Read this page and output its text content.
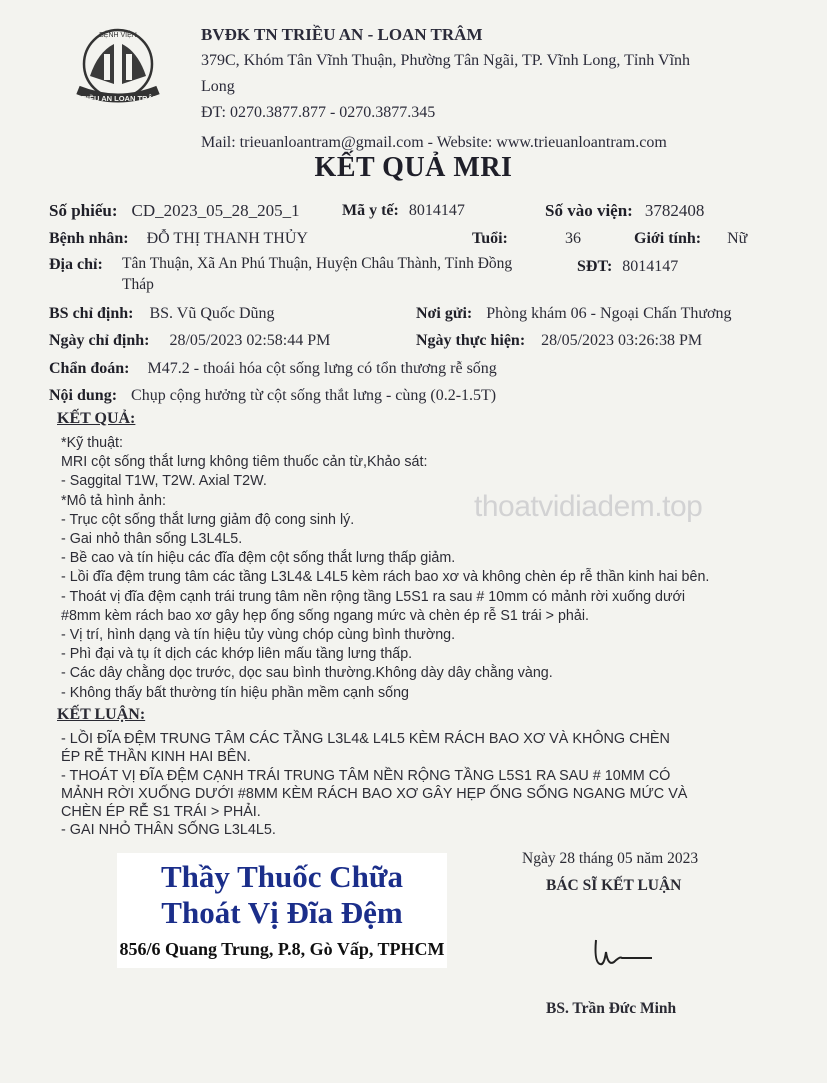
BỆNH VIỆN
TRIỀU AN LOAN TRÂM
BVĐK TN TRIỀU AN - LOAN TRÂM
379C, Khóm Tân Vĩnh Thuận, Phường Tân Ngãi, TP. Vĩnh Long, Tỉnh Vĩnh
Long
ĐT: 0270.3877.877 - 0270.3877.345
Mail: trieuanloantram@gmail.com - Website: www.trieuanloantram.com
KẾT QUẢ MRI
Số phiếu: CD_2023_05_28_205_1	Mã y tế: 8014147	Số vào viện: 3782408
Bệnh nhân: ĐỖ THỊ THANH THỦY	Tuổi:	36	Giới tính: Nữ
Địa chỉ: Tân Thuận, Xã An Phú Thuận, Huyện Châu Thành, Tỉnh Đồng
Tháp
SĐT: 8014147
BS chỉ định: BS. Vũ Quốc Dũng	Nơi gửi: Phòng khám 06 - Ngoại Chấn Thương
Ngày chỉ định: 28/05/2023 02:58:44 PM	Ngày thực hiện: 28/05/2023 03:26:38 PM
Chẩn đoán: M47.2 - thoái hóa cột sống lưng có tổn thương rễ sống
Nội dung: Chụp cộng hưởng từ cột sống thắt lưng - cùng (0.2-1.5T)
KẾT QUẢ:
*Kỹ thuật:
MRI cột sống thắt lưng không tiêm thuốc cản từ,Khảo sát:
- Saggital T1W, T2W. Axial T2W.
*Mô tả hình ảnh:
- Trục cột sống thắt lưng giảm độ cong sinh lý.
- Gai nhỏ thân sống L3L4L5.
- Bề cao và tín hiệu các đĩa đệm cột sống thắt lưng thấp giảm.
- Lồi đĩa đệm trung tâm các tầng L3L4& L4L5 kèm rách bao xơ và không chèn ép rễ thần kinh hai bên.
- Thoát vị đĩa đệm cạnh trái trung tâm nền rộng tầng L5S1 ra sau # 10mm có mảnh rời xuống dưới
#8mm kèm rách bao xơ gây hẹp ống sống ngang mức và chèn ép rễ S1 trái > phải.
- Vị trí, hình dạng và tín hiệu tủy vùng chóp cùng bình thường.
- Phì đại và tụ ít dịch các khớp liên mấu tầng lưng thấp.
- Các dây chằng dọc trước, dọc sau bình thường.Không dày dây chằng vàng.
- Không thấy bất thường tín hiệu phần mềm cạnh sống
thoatvidiadem.top
KẾT LUẬN:
- LỒI ĐĨA ĐỆM TRUNG TÂM CÁC TẦNG L3L4& L4L5 KÈM RÁCH BAO XƠ VÀ KHÔNG CHÈN
ÉP RỄ THẦN KINH HAI BÊN.
- THOÁT VỊ ĐĨA ĐỆM CẠNH TRÁI TRUNG TÂM NỀN RỘNG TẦNG L5S1 RA SAU # 10MM CÓ
MẢNH RỜI XUỐNG DƯỚI #8MM KÈM RÁCH BAO XƠ GÂY HẸP ỐNG SỐNG NGANG MỨC VÀ
CHÈN ÉP RỄ S1 TRÁI > PHẢI.
- GAI NHỎ THÂN SỐNG L3L4L5.
Thầy Thuốc Chữa
Thoát Vị Đĩa Đệm
856/6 Quang Trung, P.8, Gò Vấp, TPHCM
Ngày 28 tháng 05 năm 2023
BÁC SĨ KẾT LUẬN
BS. Trần Đức Minh
